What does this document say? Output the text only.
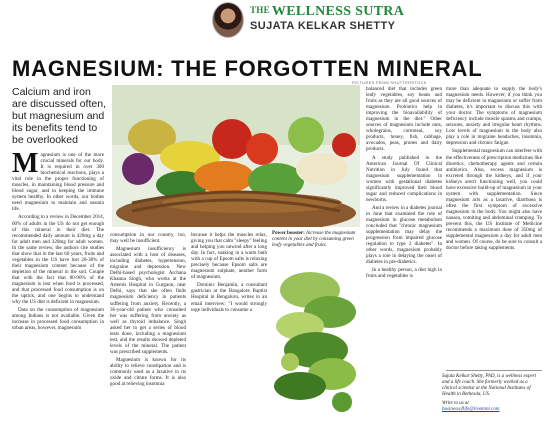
THE WELLNESS SUTRA
SUJATA KELKAR SHETTY
MAGNESIUM: THE FORGOTTEN MINERAL
PICTURES FROM SHUTTERSTOCK
Calcium and iron are discussed often, but magnesium and its benefits tend to be overlooked

Magnesium is one of the more crucial minerals for our body. It is required in over 300 biochemical reactions, plays a vital role in the proper functioning of muscles, in maintaining blood pressure and blood sugar, and in keeping the immune system healthy. In other words, our bodies need magnesium to maintain and sustain life.

According to a review in December 2014, 60% of adults in the US do not get enough of this mineral in their diet. The recommended daily amount is 420mg a day for adult men and 320mg for adult women. In the same review, the authors cite studies that show that in the last 60 years, fruits and vegetables in the US have lost 20-30% of their magnesium content because of the depletion of the mineral in the soil. Couple that with the fact that 80-90% of the magnesium is lost when food is processed, and that processed food consumption is on the uptick, and one begins to understand why the US diet is deficient in magnesium.

Data on the consumption of magnesium among Indians is not available. Given the increase in processed food consumption in urban areas, however, magnesium

consumption in our country, too, may well be insufficient.

Magnesium insufficiency is associated with a host of diseases, including diabetes, hypertension, migraine and depression. New Delhi-based psychologist Archana Khanna Singh, who works at the Artemis Hospital in Gurgaon, near Delhi, says that she often finds magnesium deficiency in patients suffering from anxiety. Recently, a 36-year-old patient who consulted her was suffering from anxiety as well as thyroid imbalance. Singh asked her to get a series of blood tests done, including a magnesium test, and the results showed depleted levels of the mineral. The patient was prescribed supplements.

Magnesium is known for its ability to relieve constipation and is commonly used as a laxative in its oxide and citrate forms. It is also good at relieving insomnia

because it helps the muscles relax, giving you that calm "sleepy" feeling and helping you unwind after a long day. In fact, soaking in a warm bath with a cup of Epsom salts is relaxing precisely because Epsom salts are magnesium sulphate, another form of magnesium.

Dominic Benjamin, a consultant gastrician at the Bangalore Baptist Hospital in Bengaluru, writes in an email interview: "I would strongly urge individuals to consume a

Power booster: Increase the magnesium content in your diet by consuming green leafy vegetables and fruits.

balanced diet that includes green leafy vegetables, soy beans and fruits as they are all good sources of magnesium. Probiotics help in improving the bioavailability of magnesium in the diet." Other sources of magnesium include nuts, wholegrains, cornmeal, soy products, honey, fish, cabbage, avocados, peas, prunes and dairy products.

A study published in the American Journal Of Clinical Nutrition in July found that magnesium supplementation in women with gestational diabetes significantly improved their blood sugar and reduced complications in newborns.

And a review in a diabetes journal in June that examined the role of magnesium in glucose metabolism concluded that "chronic magnesium supplementation may delay the progression from impaired glucose regulation to type 2 diabetes". In other words, magnesium probably plays a role in delaying the onset of diabetes in pre-diabetics.

In a healthy person, a diet high in fruits and vegetables is

more than adequate to supply the body's magnesium needs. However, if you think you may be deficient in magnesium or suffer from diabetes, it's important to discuss this with your doctor. The symptoms of magnesium deficiency include muscle spasms and cramps, seizures, anxiety and irregular heart rhythms. Low levels of magnesium in the body also play a role in migraine headaches, insomnia, depression and chronic fatigue.

Supplemental magnesium can interfere with the effectiveness of prescription medicines like diuretics, chemotherapy agents and certain antibiotics. Also, excess magnesium is excreted through the kidneys, and if your kidneys aren't functioning well, you could have excessive build-up of magnesium in your system with supplementation. Since magnesium acts as a laxative, diarrhoea is often the first symptom of excessive magnesium in the body. You might also have nausea, vomiting and abdominal cramping. To prevent this, the US Institute of Medicine recommends a maximum dose of 350mg of supplemental magnesium a day for adult men and women. Of course, do be sure to consult a doctor before taking supplements.

Sujata Kelkar Shetty, PhD, is a wellness expert and a life coach. She formerly worked as a clinical scientist at the National Institutes of Health in Bethesda, US.
Write to us at
businessoflife@livemint.com
